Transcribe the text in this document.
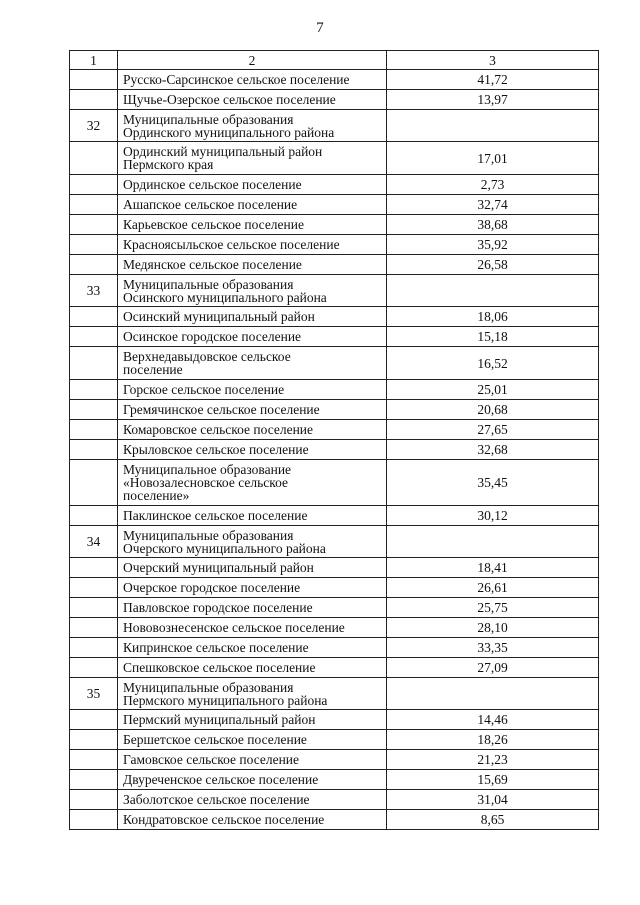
7
1	2	3
	Русско-Сарсинское сельское поселение	41,72
	Щучье-Озерское сельское поселение	13,97
32	Муниципальные образования
Ординского муниципального района	
	Ординский муниципальный район
Пермского края	17,01
	Ординское сельское поселение	2,73
	Ашапское сельское поселение	32,74
	Карьевское сельское поселение	38,68
	Красноясыльское сельское поселение	35,92
	Медянское сельское поселение	26,58
33	Муниципальные образования
Осинского муниципального района	
	Осинский муниципальный район	18,06
	Осинское городское поселение	15,18
	Верхнедавыдовское сельское
поселение	16,52
	Горское сельское поселение	25,01
	Гремячинское сельское поселение	20,68
	Комаровское сельское поселение	27,65
	Крыловское сельское поселение	32,68
	Муниципальное образование
«Новозалесновское сельское
поселение»	35,45
	Паклинское сельское поселение	30,12
34	Муниципальные образования
Очерского муниципального района	
	Очерский муниципальный район	18,41
	Очерское городское поселение	26,61
	Павловское городское поселение	25,75
	Нововознесенское сельское поселение	28,10
	Кипринское сельское поселение	33,35
	Спешковское сельское поселение	27,09
35	Муниципальные образования
Пермского муниципального района	
	Пермский муниципальный район	14,46
	Бершетское сельское поселение	18,26
	Гамовское сельское поселение	21,23
	Двуреченское сельское поселение	15,69
	Заболотское сельское поселение	31,04
	Кондратовское сельское поселение	8,65
